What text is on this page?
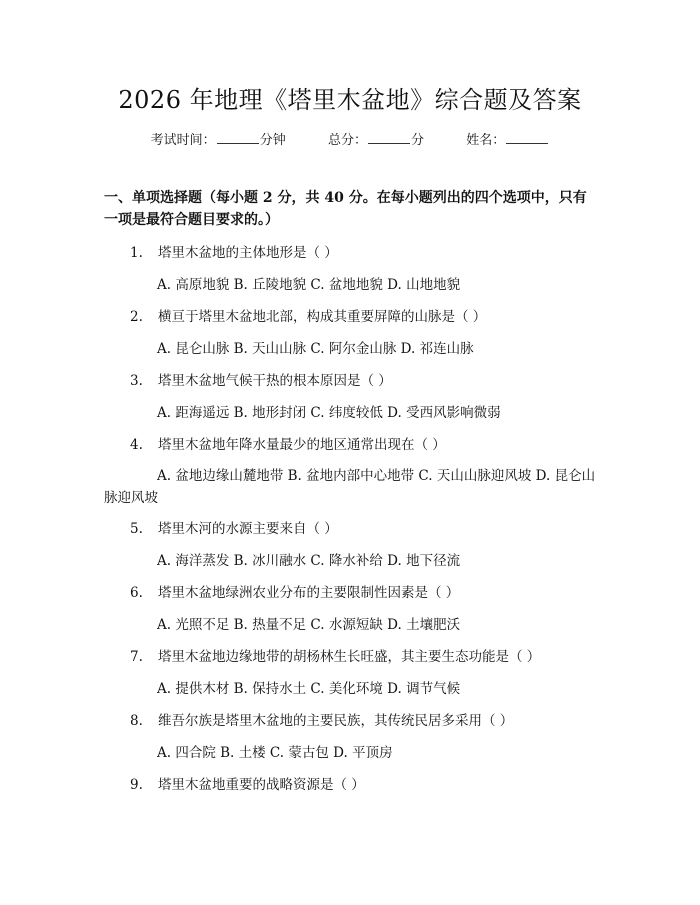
2026 年地理《塔里木盆地》综合题及答案
考试时间：	分钟	总分：	分	姓名：
一、单项选择题（每小题 2 分，共 40 分。在每小题列出的四个选项中，只有一项是最符合题目要求的。）
1. 塔里木盆地的主体地形是（ ）
A. 高原地貌 B. 丘陵地貌 C. 盆地地貌 D. 山地地貌
2. 横亘于塔里木盆地北部，构成其重要屏障的山脉是（ ）
A. 昆仑山脉 B. 天山山脉 C. 阿尔金山脉 D. 祁连山脉
3. 塔里木盆地气候干热的根本原因是（ ）
A. 距海遥远 B. 地形封闭 C. 纬度较低 D. 受西风影响微弱
4. 塔里木盆地年降水量最少的地区通常出现在（ ）
A. 盆地边缘山麓地带 B. 盆地内部中心地带 C. 天山山脉迎风坡 D. 昆仑山脉迎风坡
5. 塔里木河的水源主要来自（ ）
A. 海洋蒸发 B. 冰川融水 C. 降水补给 D. 地下径流
6. 塔里木盆地绿洲农业分布的主要限制性因素是（ ）
A. 光照不足 B. 热量不足 C. 水源短缺 D. 土壤肥沃
7. 塔里木盆地边缘地带的胡杨林生长旺盛，其主要生态功能是（ ）
A. 提供木材 B. 保持水土 C. 美化环境 D. 调节气候
8. 维吾尔族是塔里木盆地的主要民族，其传统民居多采用（ ）
A. 四合院 B. 土楼 C. 蒙古包 D. 平顶房
9. 塔里木盆地重要的战略资源是（ ）
